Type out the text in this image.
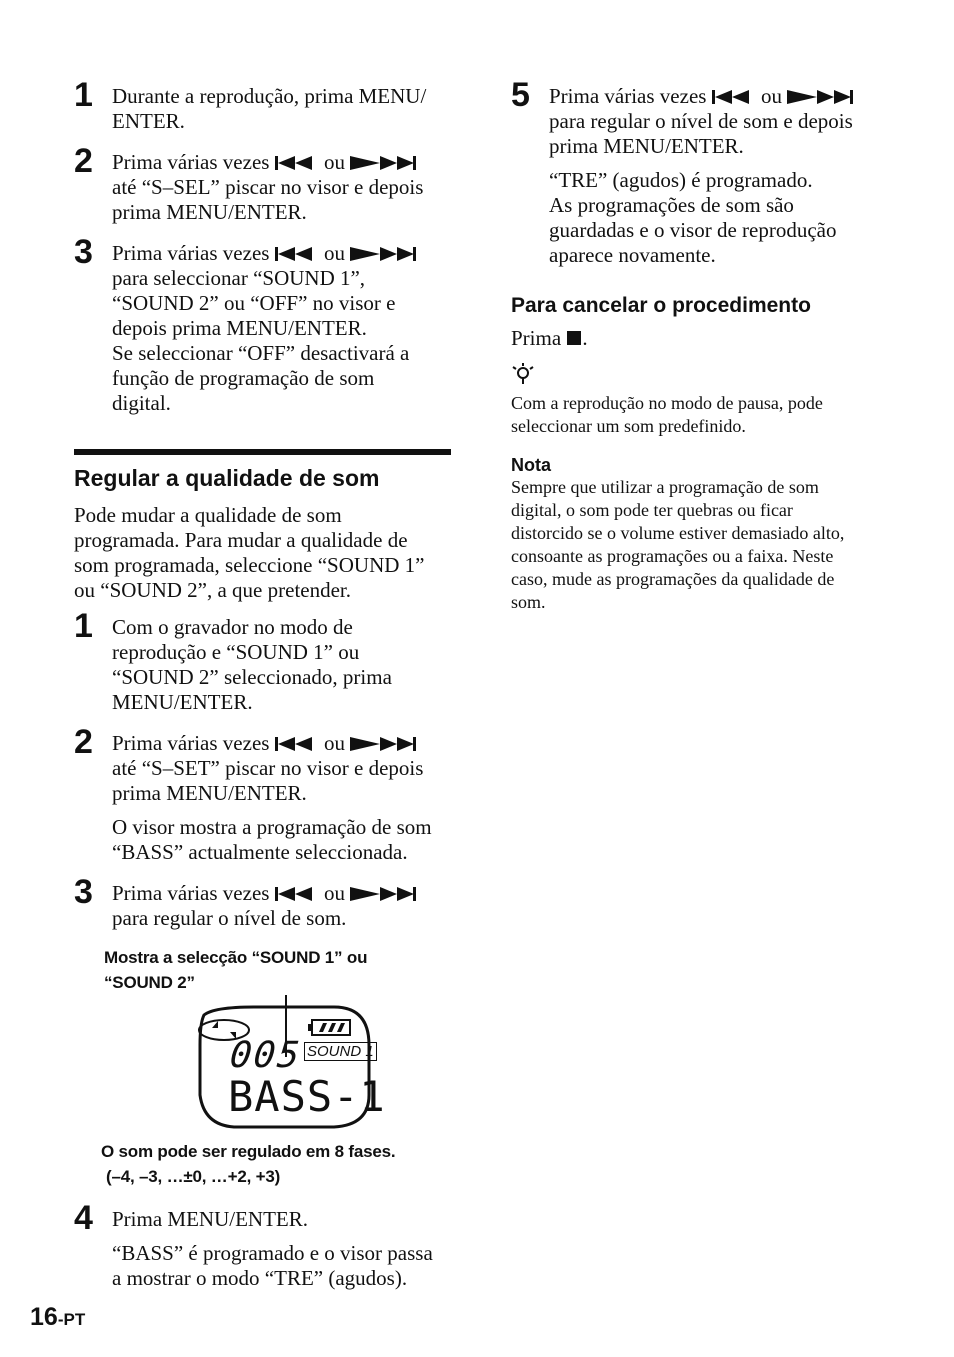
1 Durante a reprodução, prima MENU/

ENTER.

2 Prima várias vezes	ou

até “S–SEL” piscar no visor e depois

prima MENU/ENTER.

3 Prima várias vezes	ou

para seleccionar “SOUND 1”,

“SOUND 2” ou “OFF” no visor e

depois prima MENU/ENTER.

Se seleccionar “OFF” desactivará a

função de programação de som

digital.

Regular a qualidade de som

Pode mudar a qualidade de som

programada. Para mudar a qualidade de

som programada, seleccione “SOUND 1”

ou “SOUND 2”, a que pretender.

1 Com o gravador no modo de

reprodução e “SOUND 1” ou

“SOUND 2” seleccionado, prima

MENU/ENTER.

2 Prima várias vezes	ou

até “S–SET” piscar no visor e depois

prima MENU/ENTER.

O visor mostra a programação de som

“BASS” actualmente seleccionada.

3 Prima várias vezes	ou

para regular o nível de som.

Mostra a selecção “SOUND 1” ou

“SOUND 2”

005 SOUND 1
BASS-1

O som pode ser regulado em 8 fases.

(–4, –3, …±0, …+2, +3)

4 Prima MENU/ENTER.

“BASS” é programado e o visor passa

a mostrar o modo “TRE” (agudos).

5 Prima várias vezes	ou

para regular o nível de som e depois

prima MENU/ENTER.

“TRE” (agudos) é programado.

As programações de som são

guardadas e o visor de reprodução

aparece novamente.

Para cancelar o procedimento

Prima .

Com a reprodução no modo de pausa, pode

seleccionar um som predefinido.

Nota

Sempre que utilizar a programação de som

digital, o som pode ter quebras ou ficar

distorcido se o volume estiver demasiado alto,

consoante as programações ou a faixa. Neste

caso, mude as programações da qualidade de

som.

16-PT
